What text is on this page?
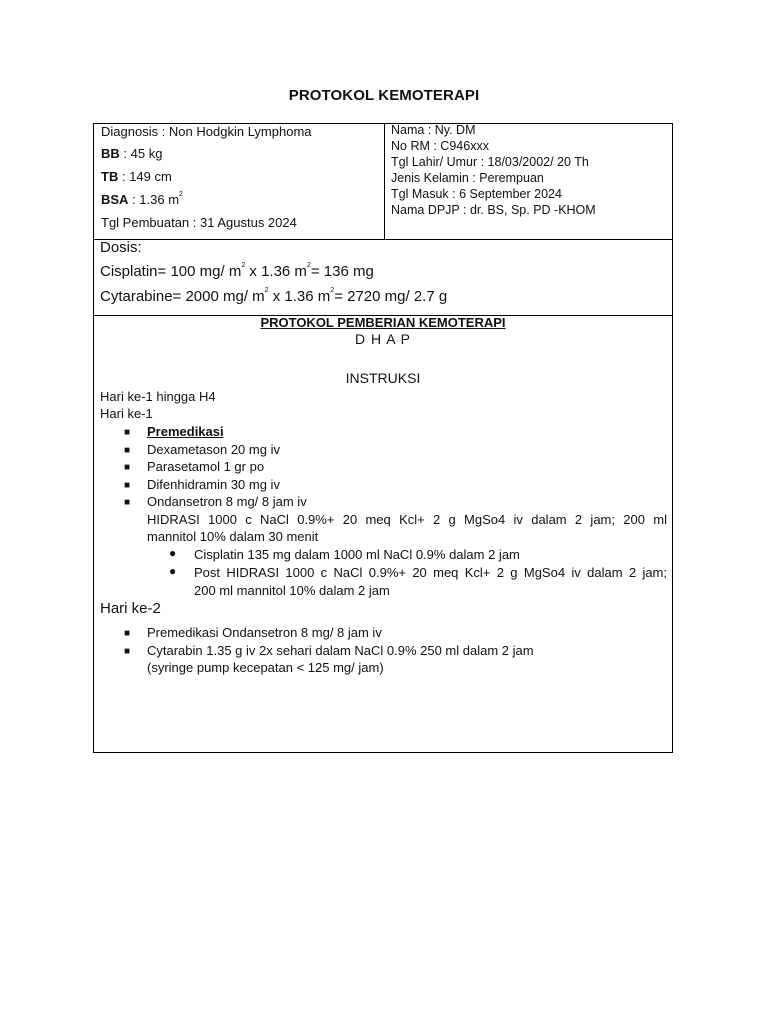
PROTOKOL KEMOTERAPI
Diagnosis : Non Hodgkin Lymphoma
BB : 45 kg
TB : 149 cm
BSA : 1.36 $m^2$
Tgl Pembuatan : 31 Agustus 2024
Nama : Ny. DM
No RM : C946xxx
Tgl Lahir/ Umur : 18/03/2002/ 20 Th
Jenis Kelamin : Perempuan
Tgl Masuk : 6 September 2024
Nama DPJP : dr. BS, Sp. PD -KHOM
Dosis:
Cisplatin= 100 mg/ $m^2$ x 1.36 $m^2= 136$ mg
Cytarabine= 2000 mg/ $m^2$ x 1.36 $m^2= 2720$ mg/ 2.7 g
PROTOKOL PEMBERIAN KEMOTERAPI
D H A P
INSTRUKSI
Hari ke-1 hingga H4
Hari ke-1
■ Premedikasi
■ Dexametason 20 mg iv
■ Parasetamol 1 gr po
■ Difenhidramin 30 mg iv
■ Ondansetron 8 mg/ 8 jam iv
HIDRASI 1000 c NaCl 0.9%+ 20 meq Kcl+ 2 g MgSo4 iv dalam 2 jam; 200 ml
mannitol 10% dalam 30 menit
● Cisplatin 135 mg dalam 1000 ml NaCl 0.9% dalam 2 jam
● Post HIDRASI 1000 c NaCl 0.9%+ 20 meq Kcl+ 2 g MgSo4 iv dalam 2 jam;
200 ml mannitol 10% dalam 2 jam
Hari ke-2
■ Premedikasi Ondansetron 8 mg/ 8 jam iv
■ Cytarabin 1.35 g iv 2x sehari dalam NaCl 0.9% 250 ml dalam 2 jam
(syringe pump kecepatan < 125 mg/ jam)
